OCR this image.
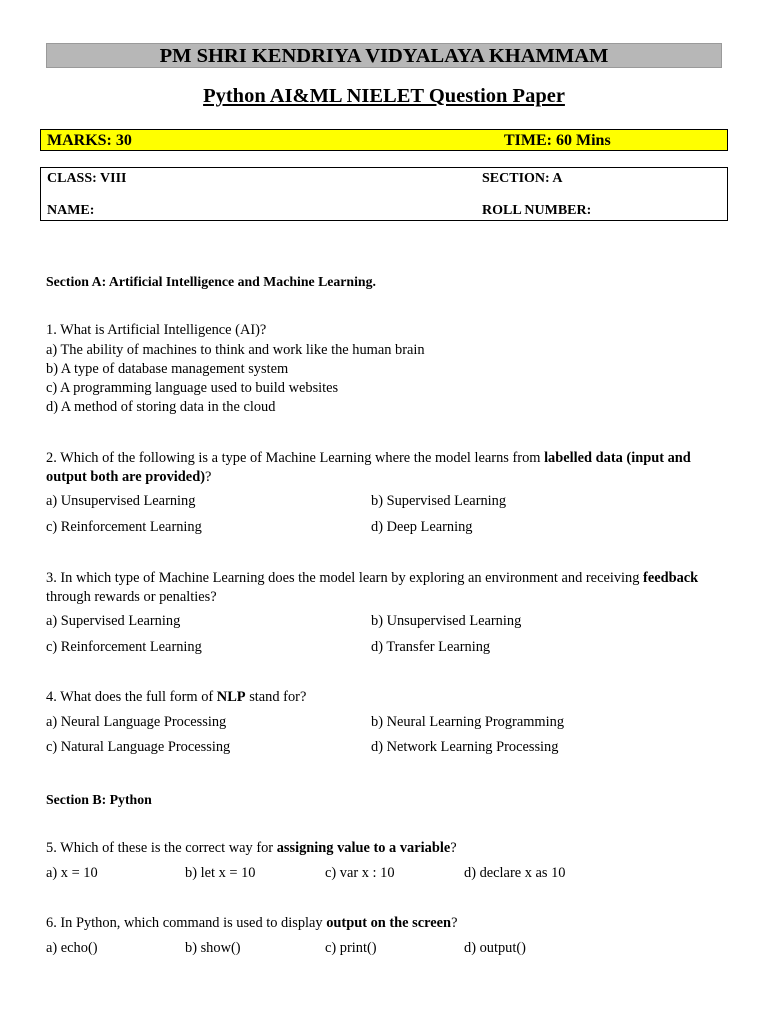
PM SHRI KENDRIYA VIDYALAYA KHAMMAM
Python AI&ML NIELET Question Paper
MARKS: 30	TIME: 60 Mins
CLASS: VIII	SECTION: A
NAME:	ROLL NUMBER:
Section A: Artificial Intelligence and Machine Learning.
1. What is Artificial Intelligence (AI)?
a) The ability of machines to think and work like the human brain
b) A type of database management system
c) A programming language used to build websites
d) A method of storing data in the cloud
2. Which of the following is a type of Machine Learning where the model learns from labelled data (input and output both are provided)?
a) Unsupervised Learning	b) Supervised Learning
c) Reinforcement Learning	d) Deep Learning
3. In which type of Machine Learning does the model learn by exploring an environment and receiving feedback through rewards or penalties?
a) Supervised Learning	b) Unsupervised Learning
c) Reinforcement Learning	d) Transfer Learning
4. What does the full form of NLP stand for?
a) Neural Language Processing	b) Neural Learning Programming
c) Natural Language Processing	d) Network Learning Processing
Section B: Python
5. Which of these is the correct way for assigning value to a variable?
a) x = 10	b) let x = 10	c) var x : 10	d) declare x as 10
6. In Python, which command is used to display output on the screen?
a) echo()	b) show()	c) print()	d) output()
